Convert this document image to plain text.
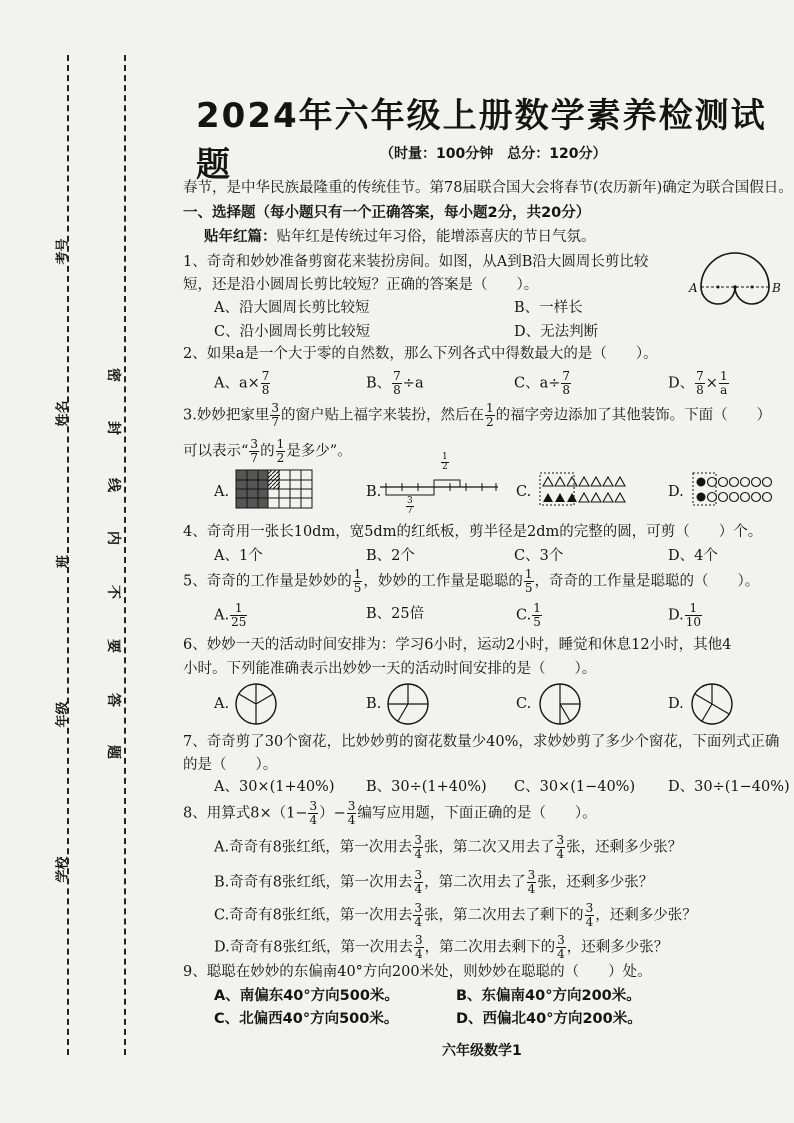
考号
姓名
班
年级
学校
密
封
线
内
不
要
答
题
2024年六年级上册数学素养检测试题	（时量：100分钟　总分：120分）
春节，是中华民族最隆重的传统佳节。第78届联合国大会将春节(农历新年)确定为联合国假日。
一、选择题（每小题只有一个正确答案，每小题2分，共20分）
贴年红篇：贴年红是传统过年习俗，能增添喜庆的节日气氛。
1、奇奇和妙妙准备剪窗花来装扮房间。如图，从A到B沿大圆周长剪比较
短，还是沿小圆周长剪比较短？正确的答案是（　　）。
A、沿大圆周长剪比较短	B、一样长
C、沿小圆周长剪比较短	D、无法判断
A	B
2、如果a是一个大于零的自然数，那么下列各式中得数最大的是（　　）。
A、$a\times \frac{7}{8}$	B、 $\frac{7}{8} \div a$	C、$a\div \frac{7}{8}$	D、 $\frac{7}{8} \times \frac{1}{a}$
3.妙妙把家里 $\frac{3}{7}$ 的窗户贴上福字来装扮，然后在 $\frac{1}{2}$ 的福字旁边添加了其他装饰。下面（　　）
可以表示“ $\frac{3}{7}$ 的 $\frac{1}{2}$ 是多少”。
A.	B.
$\frac{1}{2}$
$\frac{3}{7}$
C.	D.
4、奇奇用一张长10dm，宽5dm的红纸板，剪半径是2dm的完整的圆，可剪（　　）个。
A、1个	B、2个	C、3个	D、4个
5、奇奇的工作量是妙妙的 $\frac{1}{5}$ ，妙妙的工作量是聪聪的 $\frac{1}{5}$ ，奇奇的工作量是聪聪的（　　）。
A. $\frac{1}{25}$	B、25倍	C. $\frac{1}{5}$	D. $\frac{1}{10}$
6、妙妙一天的活动时间安排为：学习6小时，运动2小时，睡觉和休息12小时，其他4
小时。下列能准确表示出妙妙一天的活动时间安排的是（　　）。
A.	B.	C.	D.
7、奇奇剪了30个窗花，比妙妙剪的窗花数量少40%，求妙妙剪了多少个窗花，下面列式正确
的是（　　）。
A、30×(1+40%) B、30÷(1+40%) C、30×(1−40%) D、30÷(1−40%)
8、用算式$8\times(1- \frac{3}{4}$ ）− $\frac{3}{4}$ 编写应用题，下面正确的是（　　）。
A.奇奇有8张红纸，第一次用去 $\frac{3}{4}$ 张，第二次又用去了 $\frac{3}{4}$ 张，还剩多少张？
B.奇奇有8张红纸，第一次用去 $\frac{3}{4}$ ，第二次用去了 $\frac{3}{4}$ 张，还剩多少张？
C.奇奇有8张红纸，第一次用去 $\frac{3}{4}$ 张，第二次用去了剩下的 $\frac{3}{4}$ ，还剩多少张？
D.奇奇有8张红纸，第一次用去 $\frac{3}{4}$ ，第二次用去剩下的 $\frac{3}{4}$ ，还剩多少张？
9、聪聪在妙妙的东偏南40°方向200米处，则妙妙在聪聪的（　　）处。
A、南偏东40°方向500米。	B、东偏南40°方向200米。
C、北偏西40°方向500米。	D、西偏北40°方向200米。
六年级数学1
